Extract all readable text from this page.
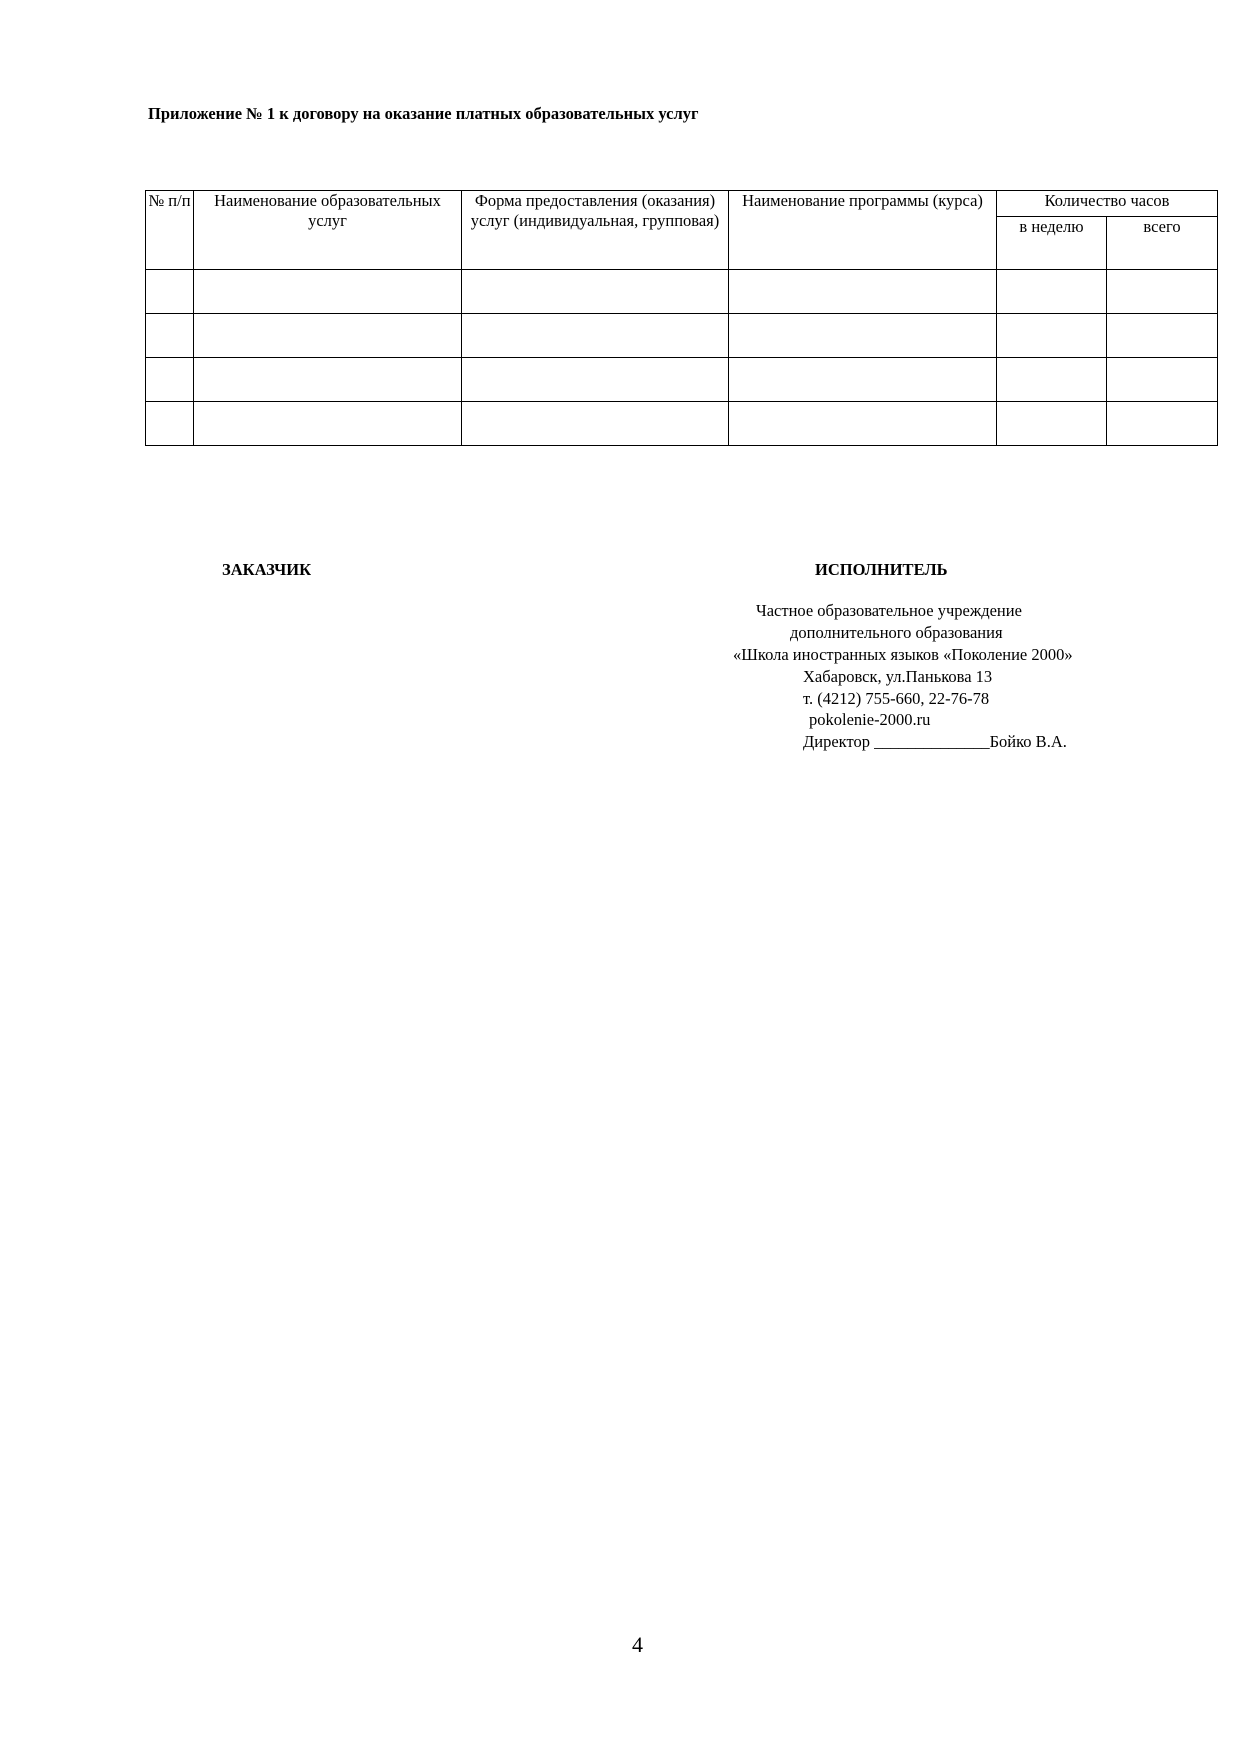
Приложение № 1 к договору на оказание платных образовательных услуг
№ п/п	Наименование образовательных услуг	Форма предоставления (оказания) услуг (индивидуальная, групповая)	Наименование программы (курса)	Количество часов	
				в неделю	всего

ЗАКАЗЧИК	ИСПОЛНИТЕЛЬ
Частное образовательное учреждение
дополнительного образования
«Школа иностранных языков «Поколение 2000»
Хабаровск, ул.Панькова 13
т. (4212) 755-660, 22-76-78
pokolenie-2000.ru
Директор ______________Бойко В.А.
4
